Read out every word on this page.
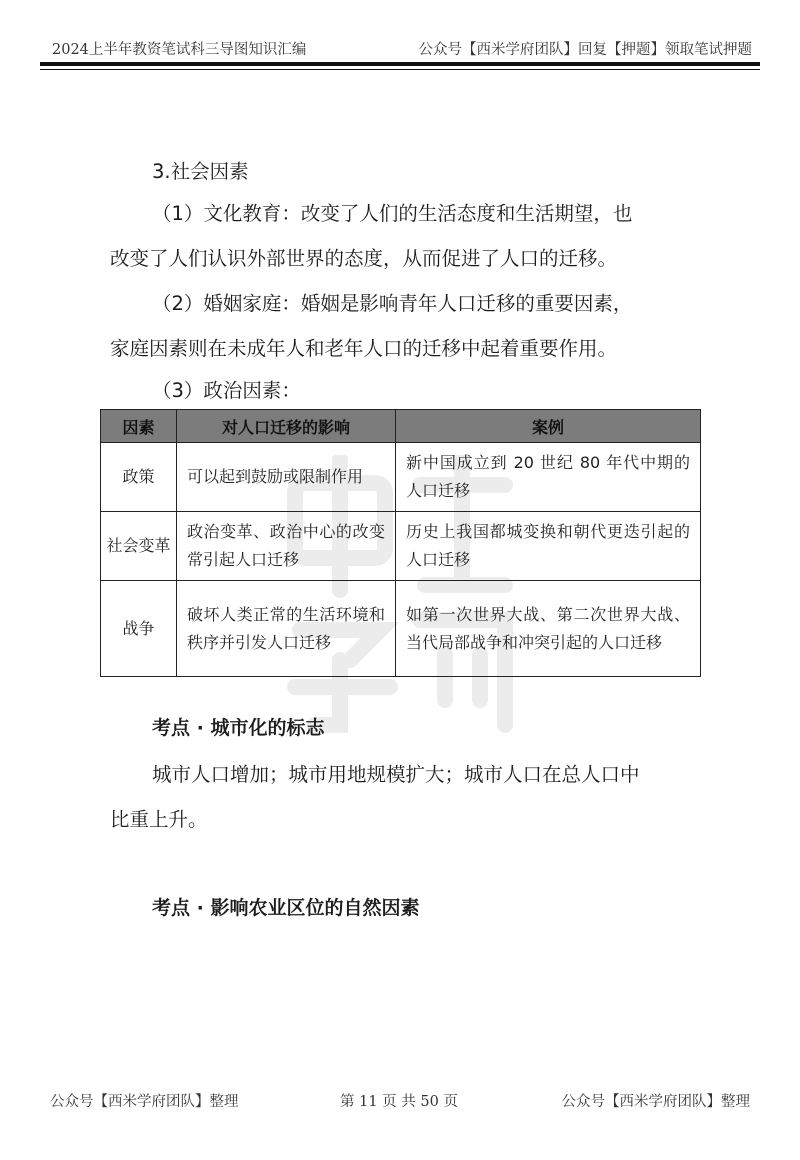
2024上半年教资笔试科三导图知识汇编	公众号【西米学府团队】回复【押题】领取笔试押题
3.社会因素
（1）文化教育：改变了人们的生活态度和生活期望，也
改变了人们认识外部世界的态度，从而促进了人口的迁移。
（2）婚姻家庭：婚姻是影响青年人口迁移的重要因素，
家庭因素则在未成年人和老年人口的迁移中起着重要作用。
（3）政治因素：
因素	对人口迁移的影响	案例
政策	可以起到鼓励或限制作用	新中国成立到 20 世纪 80 年代中期的人口迁移
社会变革	政治变革、政治中心的改变常引起人口迁移	历史上我国都城变换和朝代更迭引起的人口迁移
战争	破坏人类正常的生活环境和秩序并引发人口迁移	如第一次世界大战、第二次世界大战、当代局部战争和冲突引起的人口迁移
考点 · 城市化的标志
城市人口增加；城市用地规模扩大；城市人口在总人口中
比重上升。
考点 · 影响农业区位的自然因素
公众号【西米学府团队】整理	第 11 页 共 50 页	公众号【西米学府团队】整理
